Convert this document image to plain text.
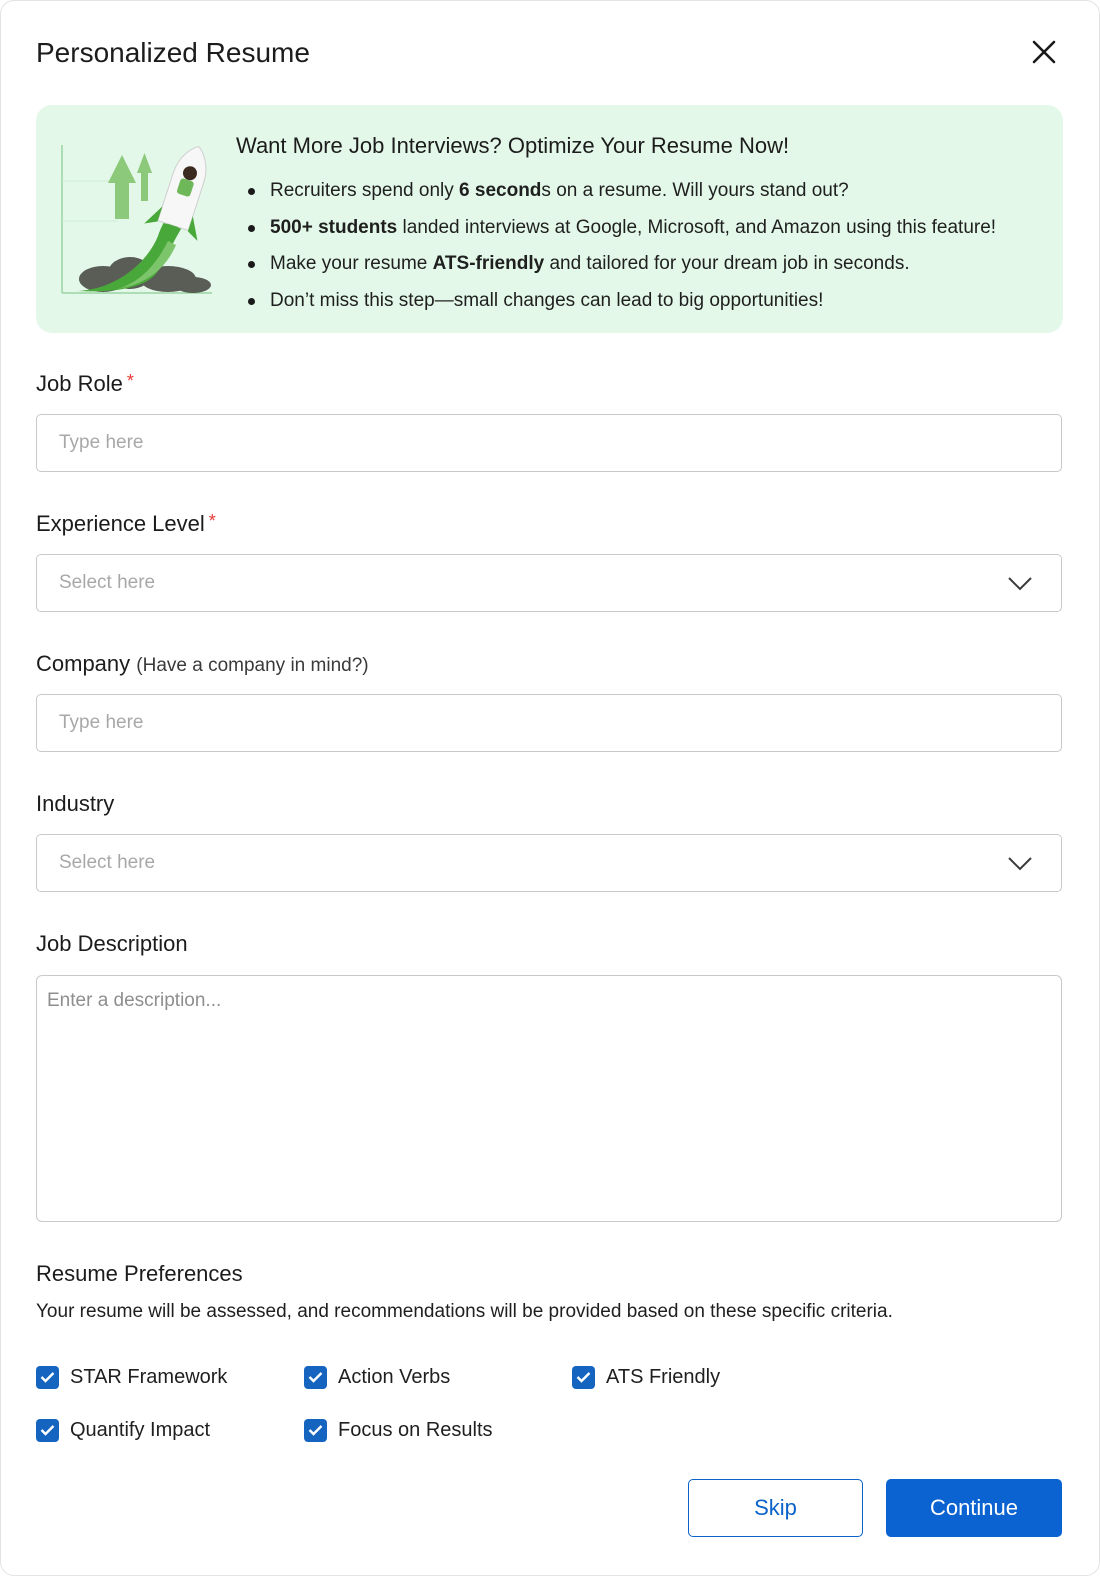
Personalized Resume
Want More Job Interviews? Optimize Your Resume Now!
Recruiters spend only 6 seconds on a resume. Will yours stand out?
500+ students landed interviews at Google, Microsoft, and Amazon using this feature!
Make your resume ATS-friendly and tailored for your dream job in seconds.
Don’t miss this step—small changes can lead to big opportunities!
Job Role *
Type here
Experience Level *
Select here
Company (Have a company in mind?)
Type here
Industry
Select here
Job Description
Enter a description...
Resume Preferences
Your resume will be assessed, and recommendations will be provided based on these specific criteria.
STAR Framework	Action Verbs	ATS Friendly
Quantify Impact	Focus on Results
Skip	Continue
